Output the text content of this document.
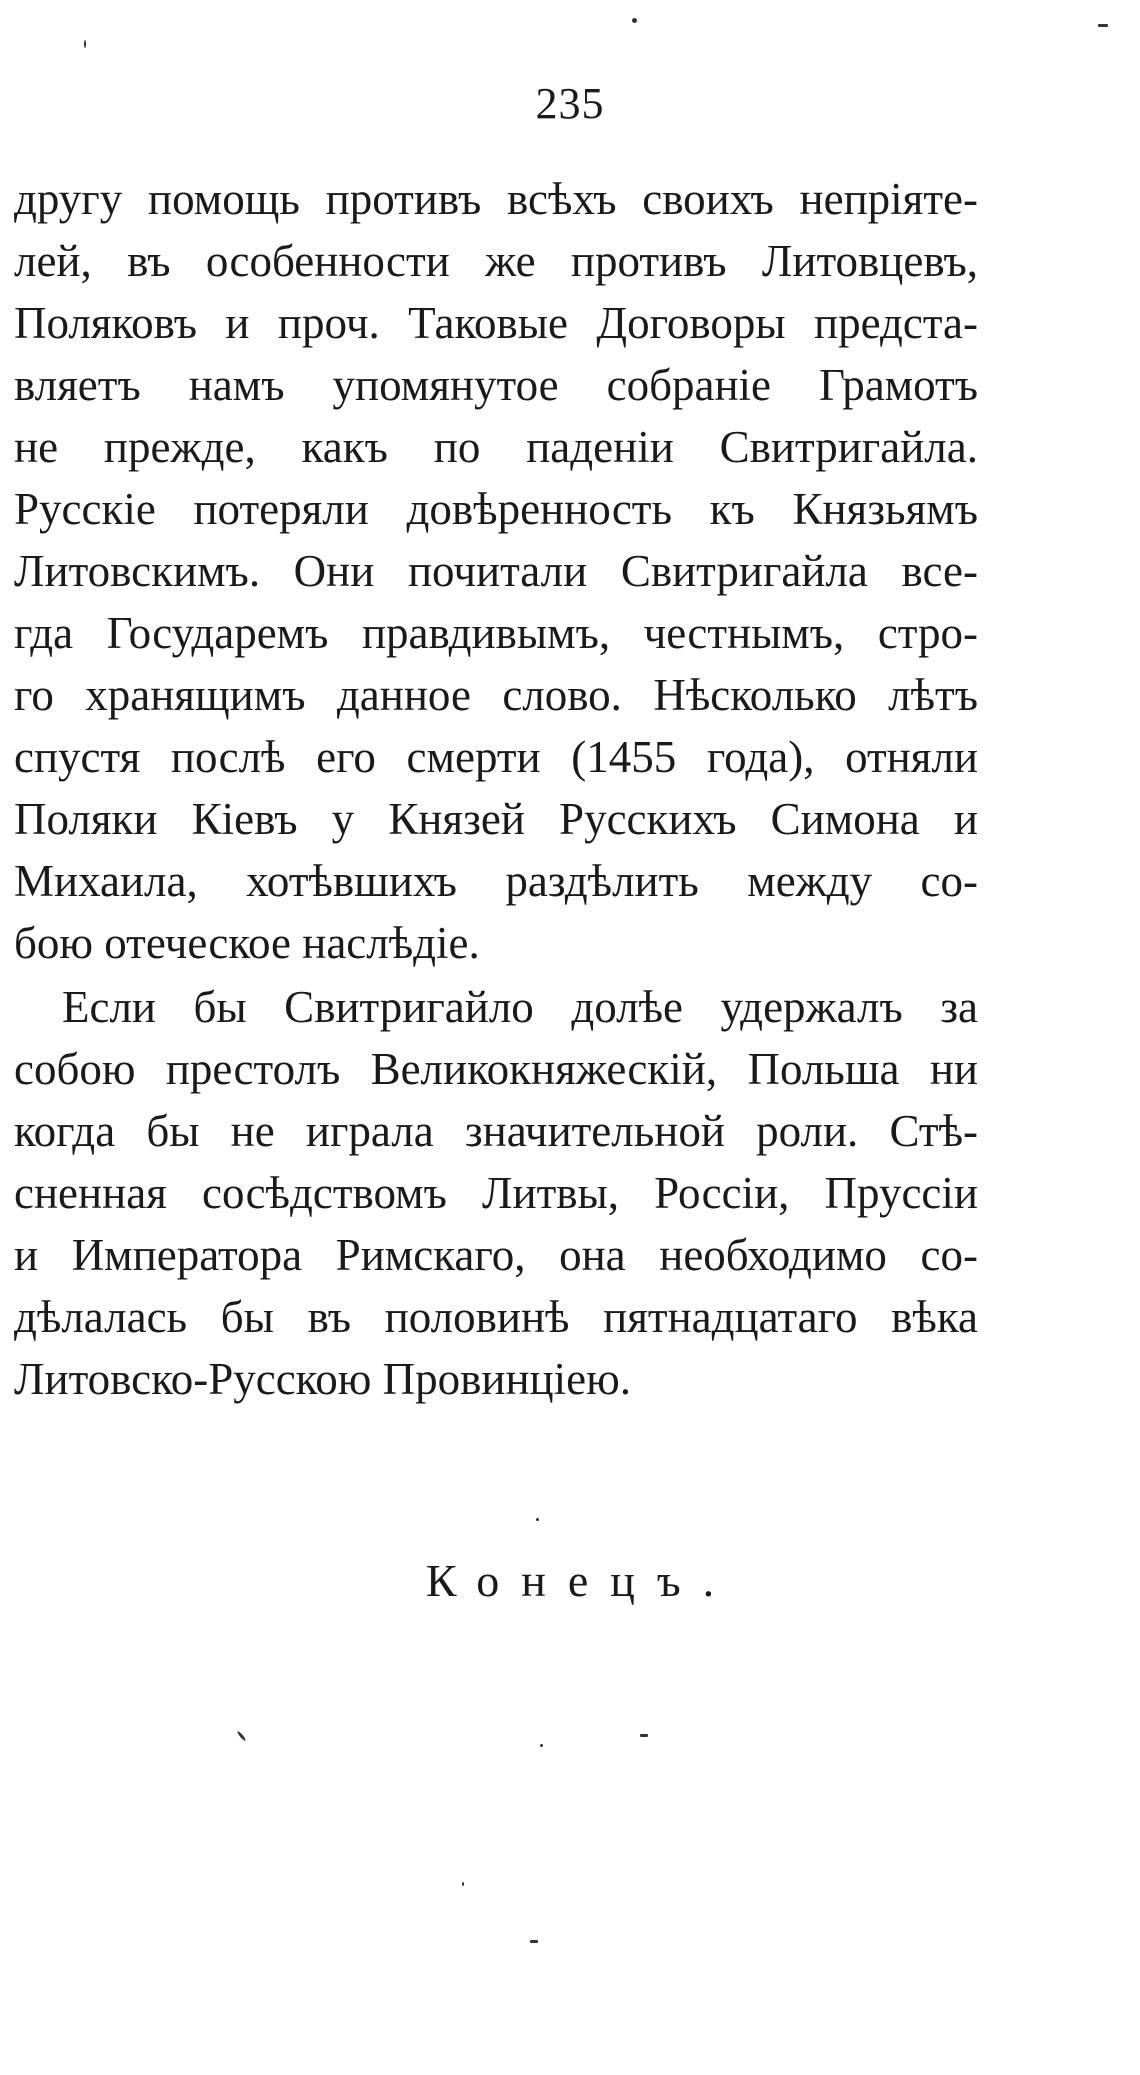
235
другу помощь противъ всѣхъ своихъ непріяте-
лей, въ особенности же противъ Литовцевъ,
Поляковъ и проч. Таковые Договоры предста-
вляетъ намъ упомянутое собраніе Грамотъ
не прежде, какъ по паденіи Свитригайла.
Русскіе потеряли довѣренность къ Князьямъ
Литовскимъ. Они почитали Свитригайла все-
гда Государемъ правдивымъ, честнымъ, стро-
го хранящимъ данное слово. Нѣсколько лѣтъ
спустя послѣ его смерти (1455 года), отняли
Поляки Кіевъ у Князей Русскихъ Симона и
Михаила, хотѣвшихъ раздѣлить между со-
бою отеческое наслѣдіе.
Если бы Свитригайло долѣе удержалъ за
собою престолъ Великокняжескій, Польша ни
когда бы не играла значительной роли. Стѣ-
сненная сосѣдствомъ Литвы, Россіи, Пруссіи
и Императора Римскаго, она необходимо со-
дѣлалась бы въ половинѣ пятнадцатаго вѣка
Литовско-Русскою Провинціею.
Конецъ.
